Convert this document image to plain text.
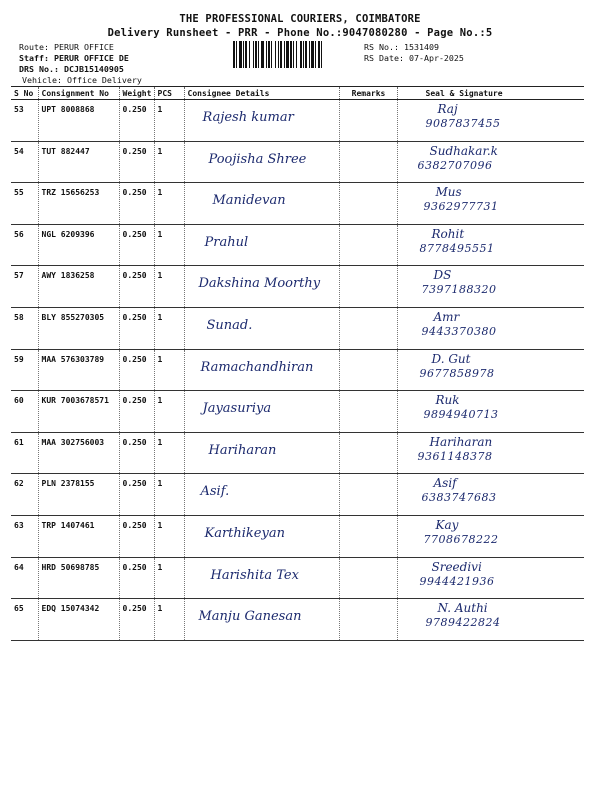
THE PROFESSIONAL COURIERS, COIMBATORE
Delivery Runsheet - PRR - Phone No.:9047080280 - Page No.:5
Route: PERUR OFFICE
Staff: PERUR OFFICE DE
DRS No.: DCJB15140905
Vehicle: Office Delivery
RS No.: 1531409
RS Date: 07-Apr-2025
S No	Consignment No	Weight	PCS	Consignee Details	Remarks	Seal & Signature
53	UPT 8008868	0.250	1	Rajesh kumar		Raj
9087837455

54	TUT 882447	0.250	1	Poojisha Shree		Sudhakar.k
6382707096

55	TRZ 15656253	0.250	1	Manidevan		Mus
9362977731

56	NGL 6209396	0.250	1	Prahul		Rohit
8778495551

57	AWY 1836258	0.250	1	Dakshina Moorthy		DS
7397188320

58	BLY 855270305	0.250	1	Sunad.		Amr
9443370380

59	MAA 576303789	0.250	1	Ramachandhiran		D. Gut
9677858978

60	KUR 7003678571	0.250	1	Jayasuriya		Ruk
9894940713

61	MAA 302756003	0.250	1	Hariharan		Hariharan
9361148378

62	PLN 2378155	0.250	1	Asif.		Asif
6383747683

63	TRP 1407461	0.250	1	Karthikeyan		Kay
7708678222

64	HRD 50698785	0.250	1	Harishita Tex		Sreedivi
9944421936

65	EDQ 15074342	0.250	1	Manju Ganesan		N. Authi
9789422824
